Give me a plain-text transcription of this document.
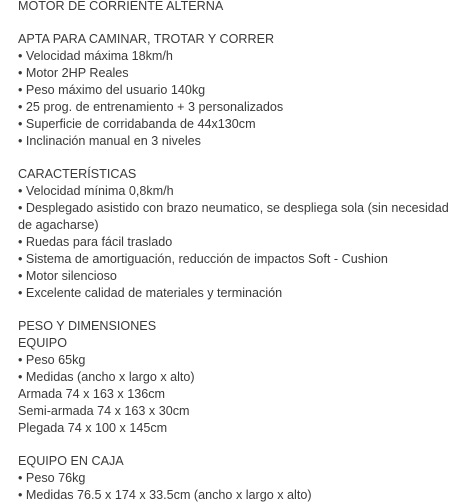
MOTOR DE CORRIENTE ALTERNA
APTA PARA CAMINAR, TROTAR Y CORRER
• Velocidad máxima 18km/h
• Motor 2HP Reales
• Peso máximo del usuario 140kg
• 25 prog. de entrenamiento + 3 personalizados
• Superficie de corridabanda de 44x130cm
• Inclinación manual en 3 niveles
CARACTERÍSTICAS
• Velocidad mínima 0,8km/h
• Desplegado asistido con brazo neumatico, se despliega sola (sin necesidad de agacharse)
• Ruedas para fácil traslado
• Sistema de amortiguación, reducción de impactos Soft - Cushion
• Motor silencioso
• Excelente calidad de materiales y terminación
PESO Y DIMENSIONES
EQUIPO
• Peso 65kg
• Medidas (ancho x largo x alto)
Armada 74 x 163 x 136cm
Semi-armada 74 x 163 x 30cm
Plegada 74 x 100 x 145cm
EQUIPO EN CAJA
• Peso 76kg
• Medidas 76.5 x 174 x 33.5cm (ancho x largo x alto)
